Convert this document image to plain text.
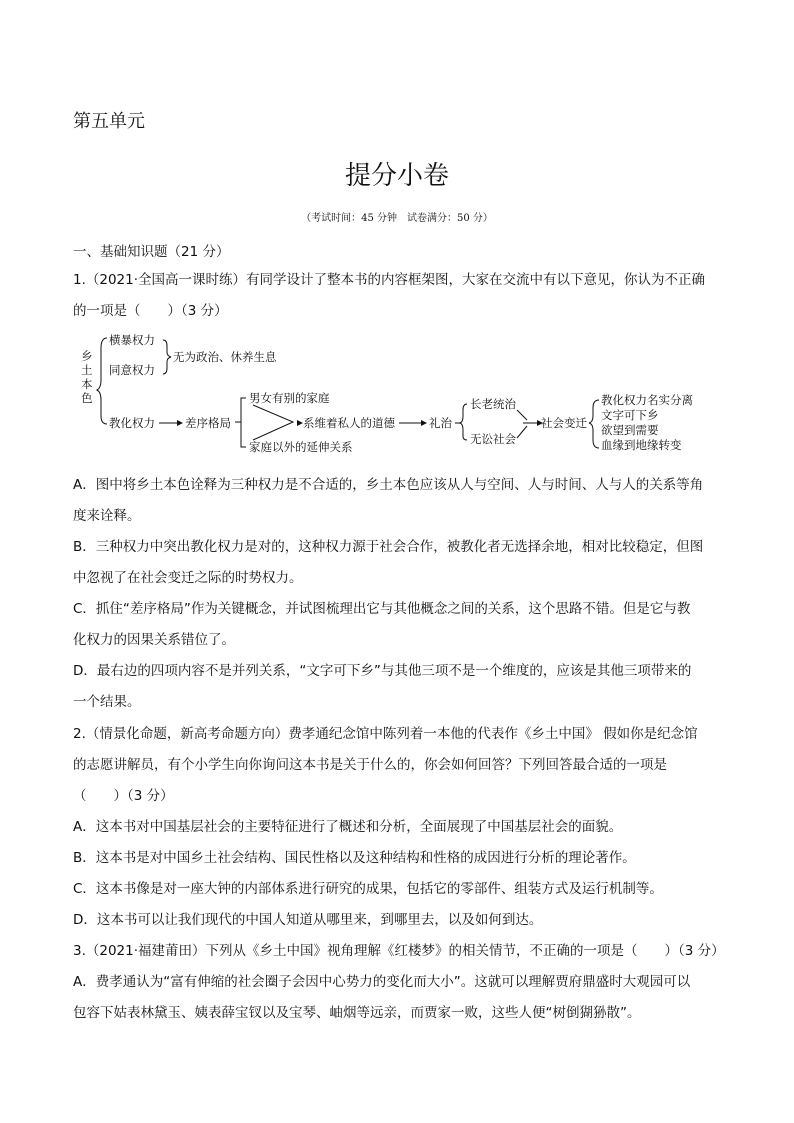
第五单元
提分小卷
（考试时间：45 分钟　试卷满分：50 分）
一、基础知识题（21 分）

1.（2021·全国高一课时练）有同学设计了整本书的内容框架图，大家在交流中有以下意见，你认为不正确

的一项是（　　）（3 分）

乡土本色
横暴权力
同意权力
无为政治、休养生息
教化权力	差序格局
男女有别的家庭
家庭以外的延伸关系
系维着私人的道德	礼治
长老统治
无讼社会
社会变迁
教化权力名实分离
文字可下乡
欲望到需要
血缘到地缘转变

A．图中将乡土本色诠释为三种权力是不合适的，乡土本色应该从人与空间、人与时间、人与人的关系等角

度来诠释。

B．三种权力中突出教化权力是对的，这种权力源于社会合作，被教化者无选择余地，相对比较稳定，但图

中忽视了在社会变迁之际的时势权力。

C．抓住“差序格局”作为关键概念，并试图梳理出它与其他概念之间的关系，这个思路不错。但是它与教

化权力的因果关系错位了。

D．最右边的四项内容不是并列关系，“文字可下乡”与其他三项不是一个维度的，应该是其他三项带来的

一个结果。

2.（情景化命题，新高考命题方向）费孝通纪念馆中陈列着一本他的代表作《乡土中国》 假如你是纪念馆

的志愿讲解员，有个小学生向你询问这本书是关于什么的，你会如何回答？下列回答最合适的一项是

（　　）（3 分）

A．这本书对中国基层社会的主要特征进行了概述和分析，全面展现了中国基层社会的面貌。

B．这本书是对中国乡土社会结构、国民性格以及这种结构和性格的成因进行分析的理论著作。

C．这本书像是对一座大钟的内部体系进行研究的成果，包括它的零部件、组装方式及运行机制等。

D．这本书可以让我们现代的中国人知道从哪里来，到哪里去，以及如何到达。

3.（2021·福建莆田）下列从《乡土中国》视角理解《红楼梦》的相关情节，不正确的一项是（　　）（3 分）

A．费孝通认为“富有伸缩的社会圈子会因中心势力的变化而大小”。这就可以理解贾府鼎盛时大观园可以

包容下姑表林黛玉、姨表薛宝钗以及宝琴、岫烟等远亲，而贾家一败，这些人便“树倒猢狲散”。
